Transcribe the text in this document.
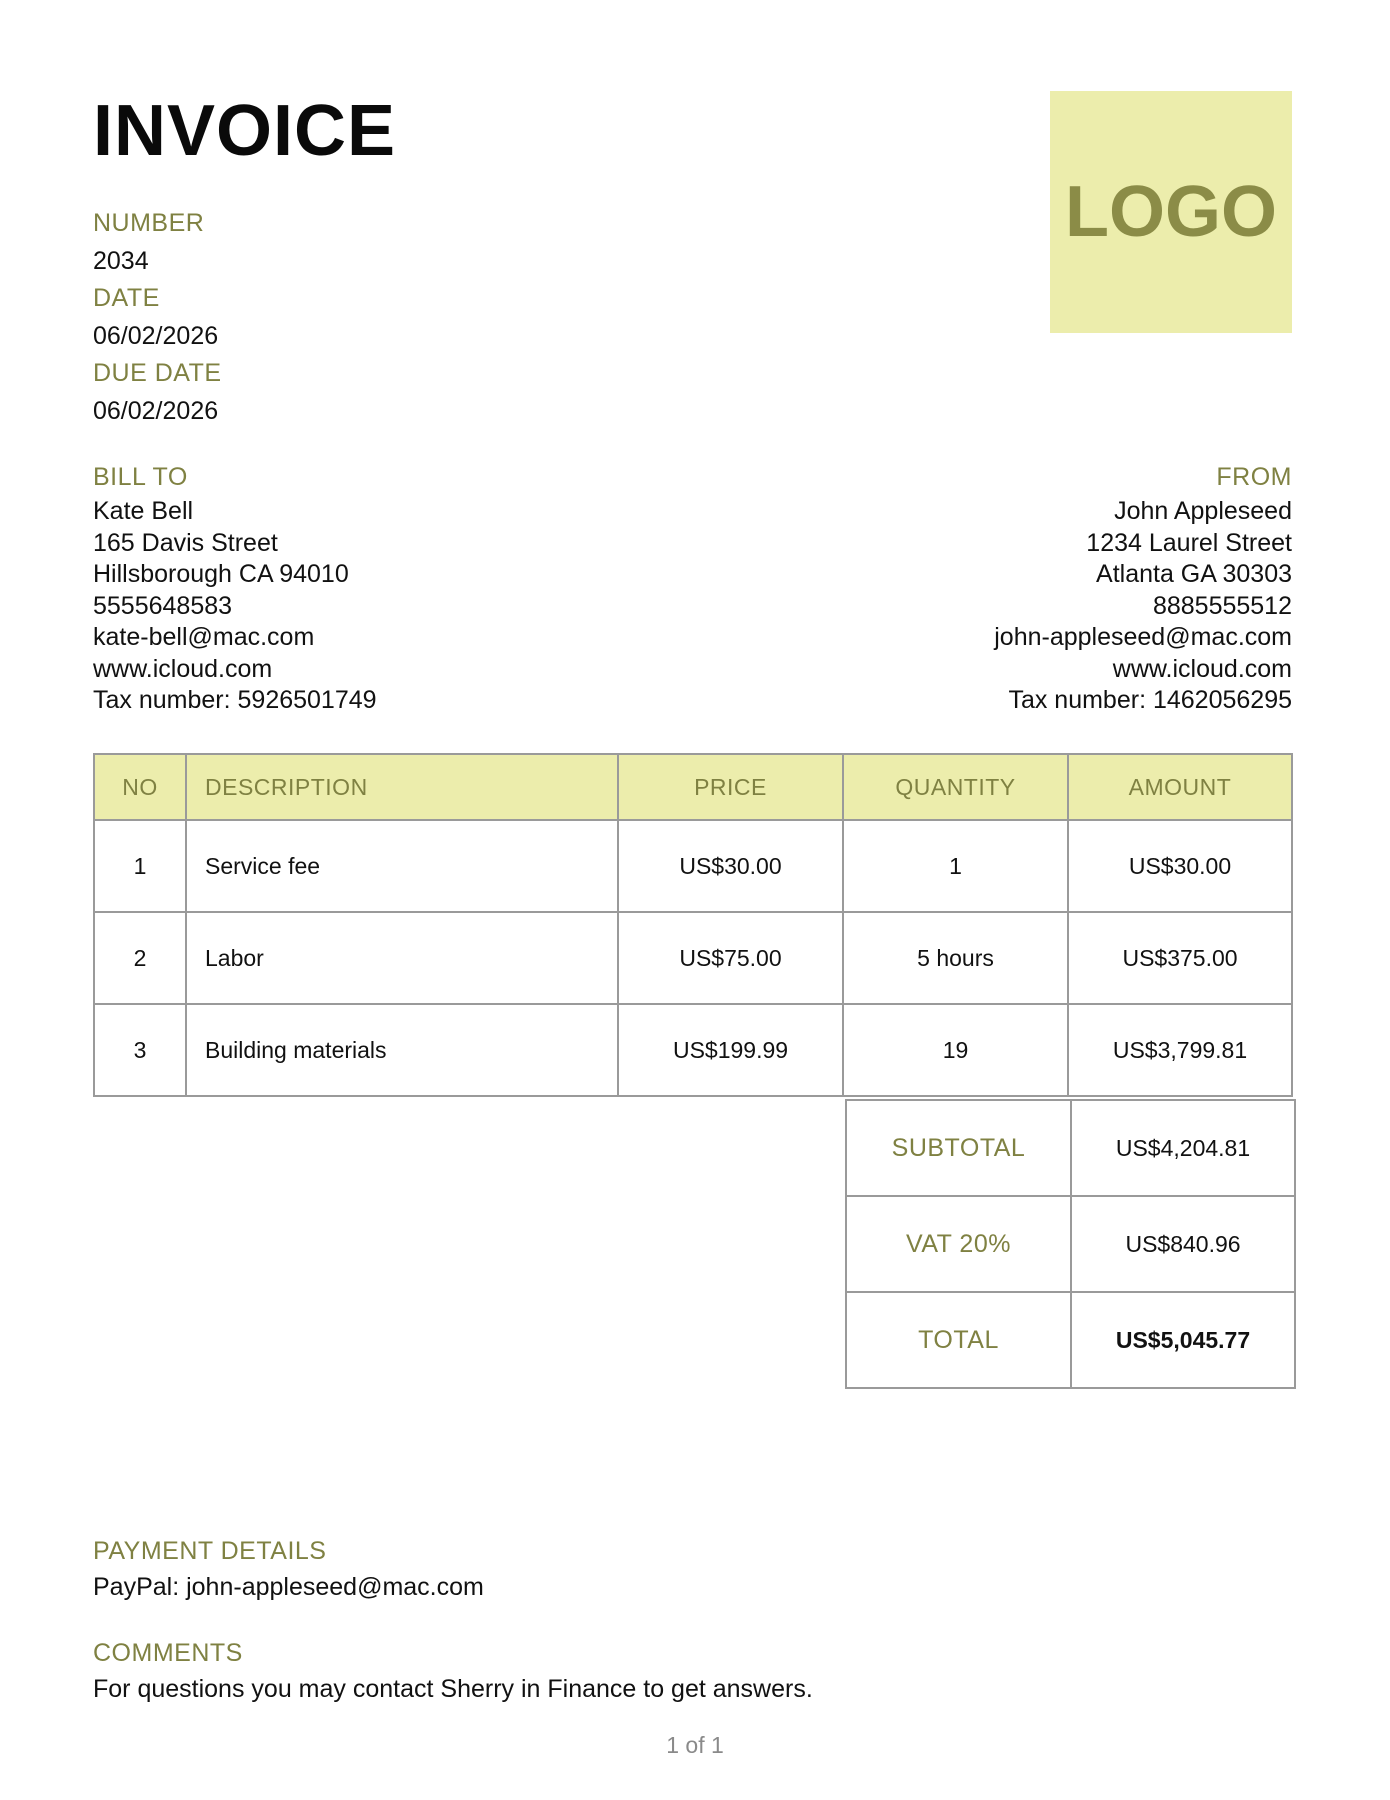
INVOICE
LOGO
NUMBER
2034
DATE
06/02/2026
DUE DATE
06/02/2026
BILL TO
Kate Bell
165 Davis Street
Hillsborough CA 94010
5555648583
kate-bell@mac.com
www.icloud.com
Tax number: 5926501749
FROM
John Appleseed
1234 Laurel Street
Atlanta GA 30303
8885555512
john-appleseed@mac.com
www.icloud.com
Tax number: 1462056295
NO	DESCRIPTION	PRICE	QUANTITY	AMOUNT
1	Service fee	US$30.00	1	US$30.00
2	Labor	US$75.00	5 hours	US$375.00
3	Building materials	US$199.99	19	US$3,799.81
SUBTOTAL	US$4,204.81
VAT 20%	US$840.96
TOTAL	US$5,045.77
PAYMENT DETAILS
PayPal: john-appleseed@mac.com
COMMENTS
For questions you may contact Sherry in Finance to get answers.
1 of 1
